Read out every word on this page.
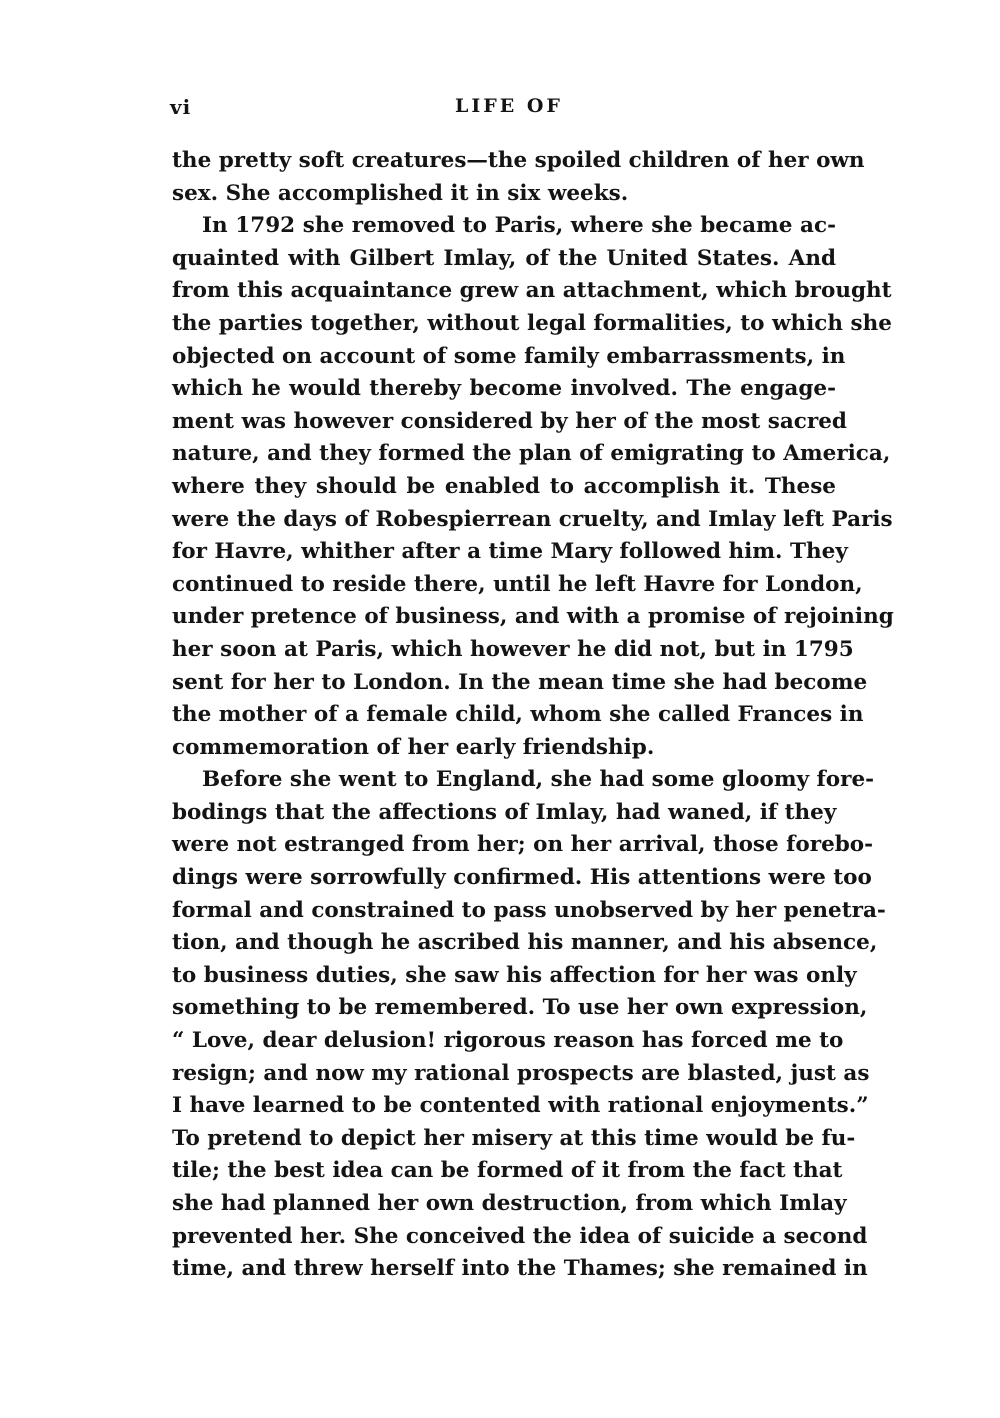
vi	LIFE OF
the pretty soft creatures—the spoiled children of her own
sex. She accomplished it in six weeks.
In 1792 she removed to Paris, where she became ac-
quainted with Gilbert Imlay, of the United States. And
from this acquaintance grew an attachment, which brought
the parties together, without legal formalities, to which she
objected on account of some family embarrassments, in
which he would thereby become involved. The engage-
ment was however considered by her of the most sacred
nature, and they formed the plan of emigrating to America,
where they should be enabled to accomplish it. These
were the days of Robespierrean cruelty, and Imlay left Paris
for Havre, whither after a time Mary followed him. They
continued to reside there, until he left Havre for London,
under pretence of business, and with a promise of rejoining
her soon at Paris, which however he did not, but in 1795
sent for her to London. In the mean time she had become
the mother of a female child, whom she called Frances in
commemoration of her early friendship.
Before she went to England, she had some gloomy fore-
bodings that the affections of Imlay, had waned, if they
were not estranged from her; on her arrival, those forebo-
dings were sorrowfully confirmed. His attentions were too
formal and constrained to pass unobserved by her penetra-
tion, and though he ascribed his manner, and his absence,
to business duties, she saw his affection for her was only
something to be remembered. To use her own expression,
“ Love, dear delusion! rigorous reason has forced me to
resign; and now my rational prospects are blasted, just as
I have learned to be contented with rational enjoyments.”
To pretend to depict her misery at this time would be fu-
tile; the best idea can be formed of it from the fact that
she had planned her own destruction, from which Imlay
prevented her. She conceived the idea of suicide a second
time, and threw herself into the Thames; she remained in
